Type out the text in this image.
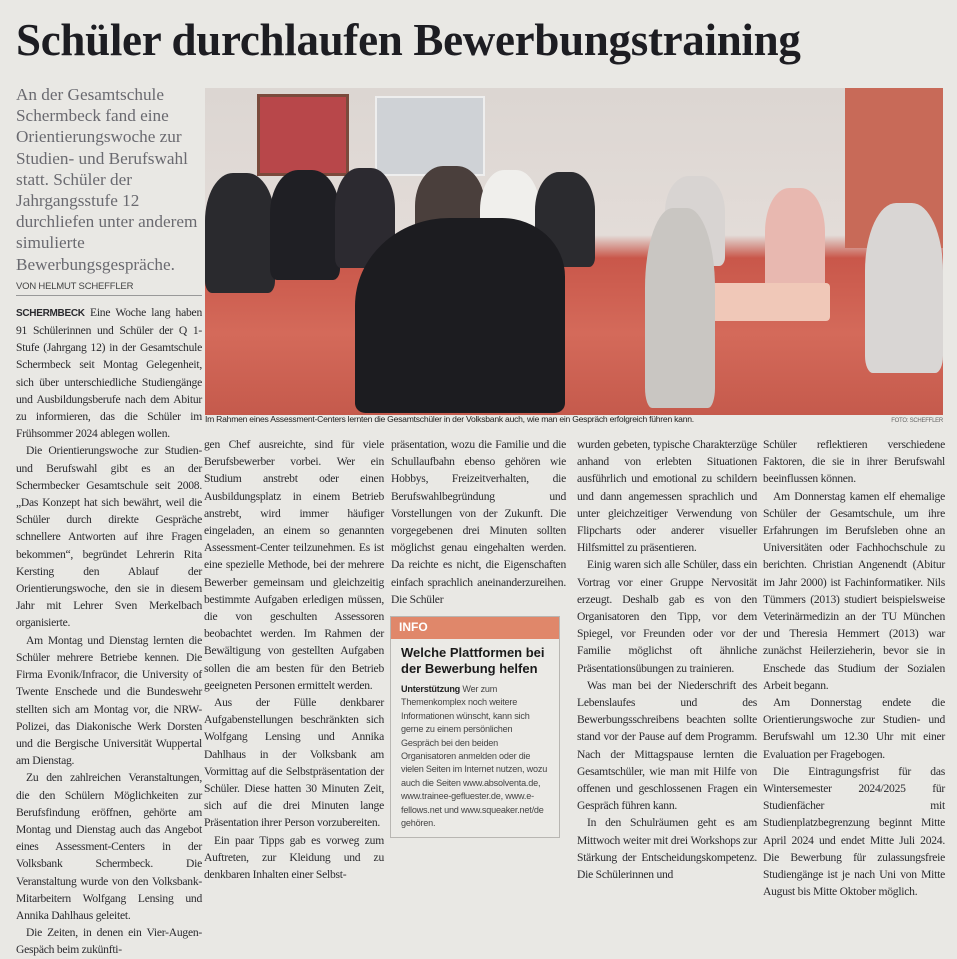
Schüler durchlaufen Bewerbungstraining
An der Gesamtschule Schermbeck fand eine Orientierungswoche zur Studien- und Berufswahl statt. Schüler der Jahrgangsstufe 12 durchliefen unter anderem simulierte Bewerbungsgespräche.
VON HELMUT SCHEFFLER

SCHERMBECK Eine Woche lang haben 91 Schülerinnen und Schüler der Q 1-Stufe (Jahrgang 12) in der Gesamtschule Schermbeck seit Montag Gelegenheit, sich über unterschiedliche Studiengänge und Ausbildungsberufe nach dem Abitur zu informieren, das die Schüler im Frühsommer 2024 ablegen wollen.

Die Orientierungswoche zur Studien- und Berufswahl gibt es an der Schermbecker Gesamtschule seit 2008. „Das Konzept hat sich bewährt, weil die Schüler durch direkte Gespräche schnellere Antworten auf ihre Fragen bekommen“, begründet Lehrerin Rita Kersting den Ablauf der Orientierungswoche, den sie in diesem Jahr mit Lehrer Sven Merkelbach organisierte.

Am Montag und Dienstag lernten die Schüler mehrere Betriebe kennen. Die Firma Evonik/Infracor, die University of Twente Enschede und die Bundeswehr stellten sich am Montag vor, die NRW-Polizei, das Diakonische Werk Dorsten und die Bergische Universität Wuppertal am Dienstag.

Zu den zahlreichen Veranstaltungen, die den Schülern Möglichkeiten zur Berufsfindung eröffnen, gehörte am Montag und Dienstag auch das Angebot eines Assessment-Centers in der Volksbank Schermbeck. Die Veranstaltung wurde von den Volksbank-Mitarbeitern Wolfgang Lensing und Annika Dahlhaus geleitet.

Die Zeiten, in denen ein Vier-Augen-Gespäch beim zukünfti-

Im Rahmen eines Assessment-Centers lernten die Gesamtschüler in der Volksbank auch, wie man ein Gespräch erfolgreich führen kann.	FOTO: SCHEFFLER

gen Chef ausreichte, sind für viele Berufsbewerber vorbei. Wer ein Studium anstrebt oder einen Ausbildungsplatz in einem Betrieb anstrebt, wird immer häufiger eingeladen, an einem so genannten Assessment-Center teilzunehmen. Es ist eine spezielle Methode, bei der mehrere Bewerber gemeinsam und gleichzeitig bestimmte Aufgaben erledigen müssen, die von geschulten Assessoren beobachtet werden. Im Rahmen der Bewältigung von gestellten Aufgaben sollen die am besten für den Betrieb geeigneten Personen ermittelt werden.

Aus der Fülle denkbarer Aufgabenstellungen beschränkten sich Wolfgang Lensing und Annika Dahlhaus in der Volksbank am Vormittag auf die Selbstpräsentation der Schüler. Diese hatten 30 Minuten Zeit, sich auf die drei Minuten lange Präsentation ihrer Person vorzubereiten.

Ein paar Tipps gab es vorweg zum Auftreten, zur Kleidung und zu denkbaren Inhalten einer Selbst-

präsentation, wozu die Familie und die Schullaufbahn ebenso gehören wie Hobbys, Freizeitverhalten, die Berufswahlbegründung und Vorstellungen von der Zukunft. Die vorgegebenen drei Minuten sollten möglichst genau eingehalten werden. Da reichte es nicht, die Eigenschaften einfach sprachlich aneinanderzureihen. Die Schüler

INFO
Welche Plattformen bei der Bewerbung helfen
Unterstützung Wer zum Themenkomplex noch weitere Informationen wünscht, kann sich gerne zu einem persönlichen Gespräch bei den beiden Organisatoren anmelden oder die vielen Seiten im Internet nutzen, wozu auch die Seiten www.absolventa.de, www.trainee-gefluester.de, www.e-fellows.net und www.squeaker.net/de gehören.

wurden gebeten, typische Charakterzüge anhand von erlebten Situationen ausführlich und emotional zu schildern und dann angemessen sprachlich und unter gleichzeitiger Verwendung von Flipcharts oder anderer visueller Hilfsmittel zu präsentieren.

Einig waren sich alle Schüler, dass ein Vortrag vor einer Gruppe Nervosität erzeugt. Deshalb gab es von den Organisatoren den Tipp, vor dem Spiegel, vor Freunden oder vor der Familie möglichst oft ähnliche Präsentationsübungen zu trainieren.

Was man bei der Niederschrift des Lebenslaufes und des Bewerbungsschreibens beachten sollte stand vor der Pause auf dem Programm. Nach der Mittagspause lernten die Gesamtschüler, wie man mit Hilfe von offenen und geschlossenen Fragen ein Gespräch führen kann.

In den Schulräumen geht es am Mittwoch weiter mit drei Workshops zur Stärkung der Entscheidungskompetenz. Die Schülerinnen und

Schüler reflektieren verschiedene Faktoren, die sie in ihrer Berufswahl beeinflussen können.

Am Donnerstag kamen elf ehemalige Schüler der Gesamtschule, um ihre Erfahrungen im Berufsleben ohne an Universitäten oder Fachhochschule zu berichten. Christian Angenendt (Abitur im Jahr 2000) ist Fachinformatiker. Nils Tümmers (2013) studiert beispielsweise Veterinärmedizin an der TU München und Theresia Hemmert (2013) war zunächst Heilerzieherin, bevor sie in Enschede das Studium der Sozialen Arbeit begann.

Am Donnerstag endete die Orientierungswoche zur Studien- und Berufswahl um 12.30 Uhr mit einer Evaluation per Fragebogen.

Die Eintragungsfrist für das Wintersemester 2024/2025 für Studienfächer mit Studienplatzbegrenzung beginnt Mitte April 2024 und endet Mitte Juli 2024. Die Bewerbung für zulassungsfreie Studiengänge ist je nach Uni von Mitte August bis Mitte Oktober möglich.
